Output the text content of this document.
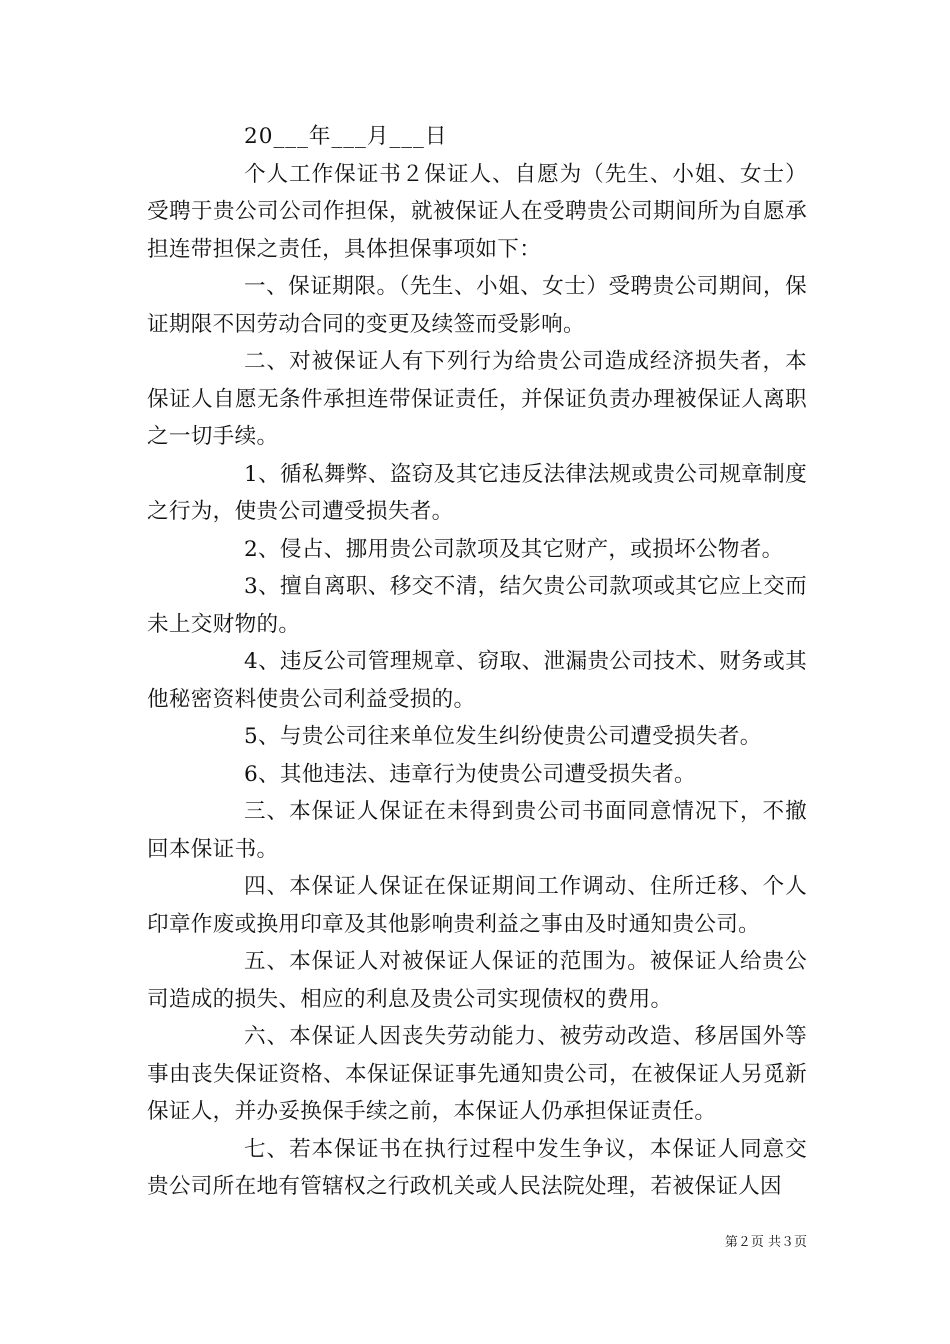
20___年___月___日

个人工作保证书２保证人、自愿为（先生、小姐、女士）受聘于贵公司公司作担保，就被保证人在受聘贵公司期间所为自愿承担连带担保之责任，具体担保事项如下：

一、保证期限。（先生、小姐、女士）受聘贵公司期间，保证期限不因劳动合同的变更及续签而受影响。

二、对被保证人有下列行为给贵公司造成经济损失者，本保证人自愿无条件承担连带保证责任，并保证负责办理被保证人离职之一切手续。

1、循私舞弊、盗窃及其它违反法律法规或贵公司规章制度之行为，使贵公司遭受损失者。

2、侵占、挪用贵公司款项及其它财产，或损坏公物者。

3、擅自离职、移交不清，结欠贵公司款项或其它应上交而未上交财物的。

4、违反公司管理规章、窃取、泄漏贵公司技术、财务或其他秘密资料使贵公司利益受损的。

5、与贵公司往来单位发生纠纷使贵公司遭受损失者。

6、其他违法、违章行为使贵公司遭受损失者。

三、本保证人保证在未得到贵公司书面同意情况下，不撤回本保证书。

四、本保证人保证在保证期间工作调动、住所迁移、个人印章作废或换用印章及其他影响贵利益之事由及时通知贵公司。

五、本保证人对被保证人保证的范围为。被保证人给贵公司造成的损失、相应的利息及贵公司实现债权的费用。

六、本保证人因丧失劳动能力、被劳动改造、移居国外等事由丧失保证资格、本保证保证事先通知贵公司，在被保证人另觅新保证人，并办妥换保手续之前，本保证人仍承担保证责任。

七、若本保证书在执行过程中发生争议，本保证人同意交贵公司所在地有管辖权之行政机关或人民法院处理，若被保证人因

第２页 共３页
